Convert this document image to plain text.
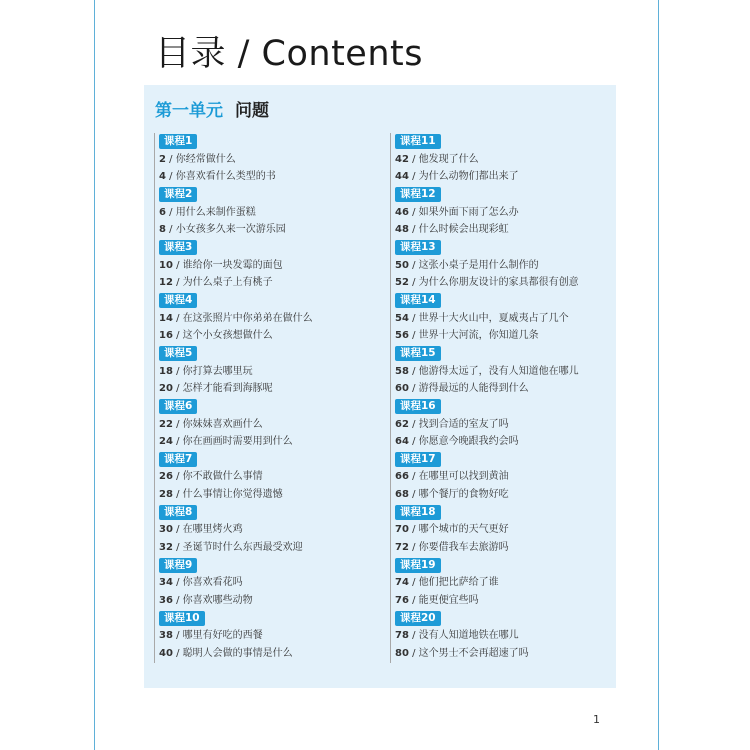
目录 / Contents
第一单元 问题
课程1
2 / 你经常做什么
4 / 你喜欢看什么类型的书
课程2
6 / 用什么来制作蛋糕
8 / 小女孩多久来一次游乐园
课程3
10 / 谁给你一块发霉的面包
12 / 为什么桌子上有桃子
课程4
14 / 在这张照片中你弟弟在做什么
16 / 这个小女孩想做什么
课程5
18 / 你打算去哪里玩
20 / 怎样才能看到海豚呢
课程6
22 / 你妹妹喜欢画什么
24 / 你在画画时需要用到什么
课程7
26 / 你不敢做什么事情
28 / 什么事情让你觉得遗憾
课程8
30 / 在哪里烤火鸡
32 / 圣诞节时什么东西最受欢迎
课程9
34 / 你喜欢看花吗
36 / 你喜欢哪些动物
课程10
38 / 哪里有好吃的西餐
40 / 聪明人会做的事情是什么
课程11
42 / 他发现了什么
44 / 为什么动物们都出来了
课程12
46 / 如果外面下雨了怎么办
48 / 什么时候会出现彩虹
课程13
50 / 这张小桌子是用什么制作的
52 / 为什么你朋友设计的家具都很有创意
课程14
54 / 世界十大火山中，夏威夷占了几个
56 / 世界十大河流，你知道几条
课程15
58 / 他游得太远了，没有人知道他在哪儿
60 / 游得最远的人能得到什么
课程16
62 / 找到合适的室友了吗
64 / 你愿意今晚跟我约会吗
课程17
66 / 在哪里可以找到黄油
68 / 哪个餐厅的食物好吃
课程18
70 / 哪个城市的天气更好
72 / 你要借我车去旅游吗
课程19
74 / 他们把比萨给了谁
76 / 能更便宜些吗
课程20
78 / 没有人知道地铁在哪儿
80 / 这个男士不会再超速了吗
1
